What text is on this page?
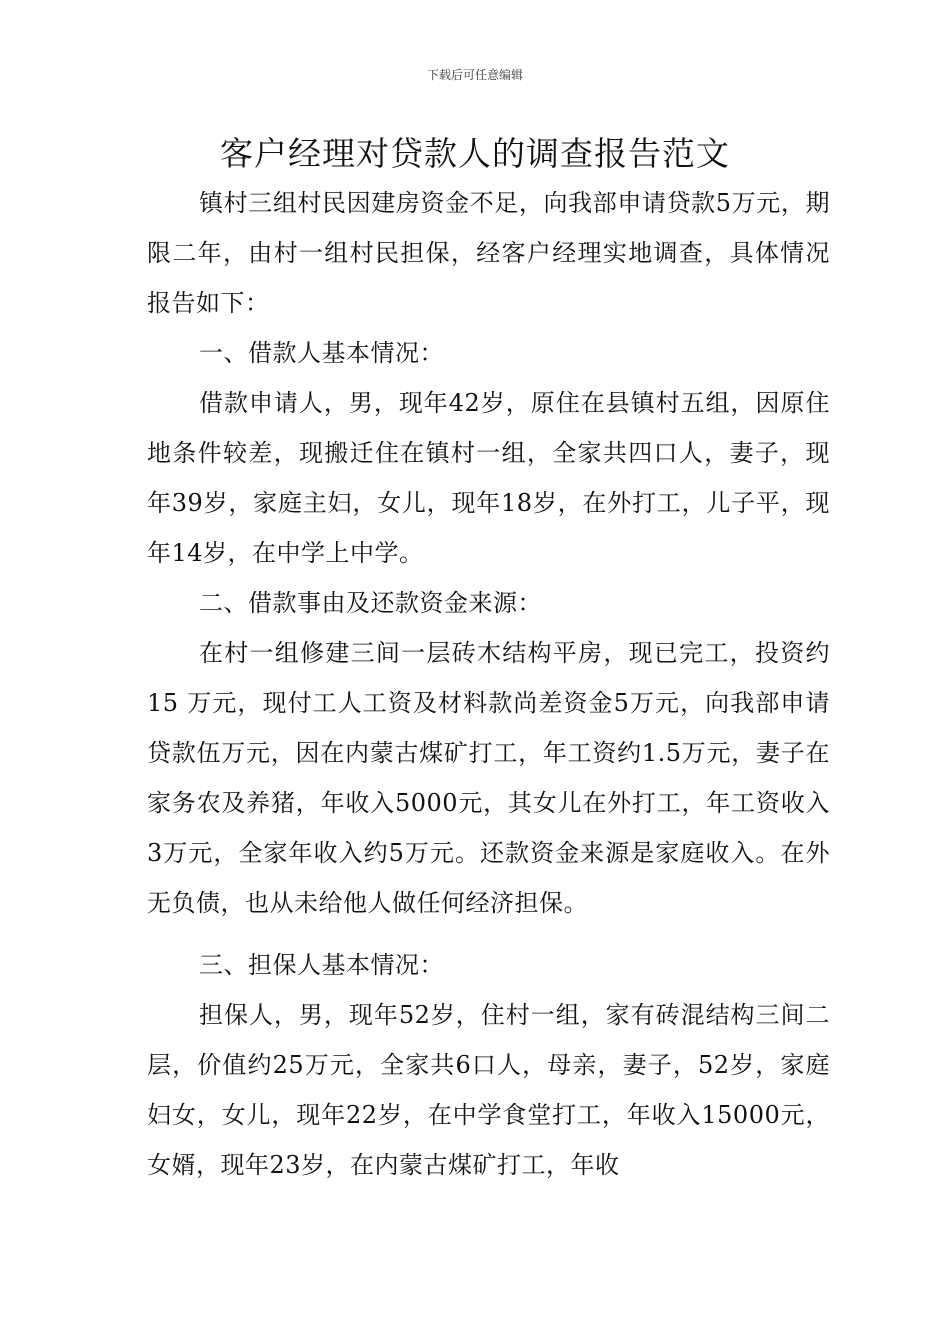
下载后可任意编辑
客户经理对贷款人的调查报告范文

镇村三组村民因建房资金不足，向我部申请贷款5万元，期限二年，由村一组村民担保，经客户经理实地调查，具体情况报告如下：

一、借款人基本情况：

借款申请人，男，现年42岁，原住在县镇村五组，因原住地条件较差，现搬迁住在镇村一组，全家共四口人，妻子，现年39岁，家庭主妇，女儿，现年18岁，在外打工，儿子平，现年14岁，在中学上中学。

二、借款事由及还款资金来源：

在村一组修建三间一层砖木结构平房，现已完工，投资约15 万元，现付工人工资及材料款尚差资金5万元，向我部申请贷款伍万元，因在内蒙古煤矿打工，年工资约1.5万元，妻子在家务农及养猪，年收入5000元，其女儿在外打工，年工资收入3万元，全家年收入约5万元。还款资金来源是家庭收入。在外无负债，也从未给他人做任何经济担保。

三、担保人基本情况：

担保人，男，现年52岁，住村一组，家有砖混结构三间二层，价值约25万元，全家共6口人，母亲，妻子，52岁，家庭妇女，女儿，现年22岁，在中学食堂打工，年收入15000元，女婿，现年23岁，在内蒙古煤矿打工，年收
